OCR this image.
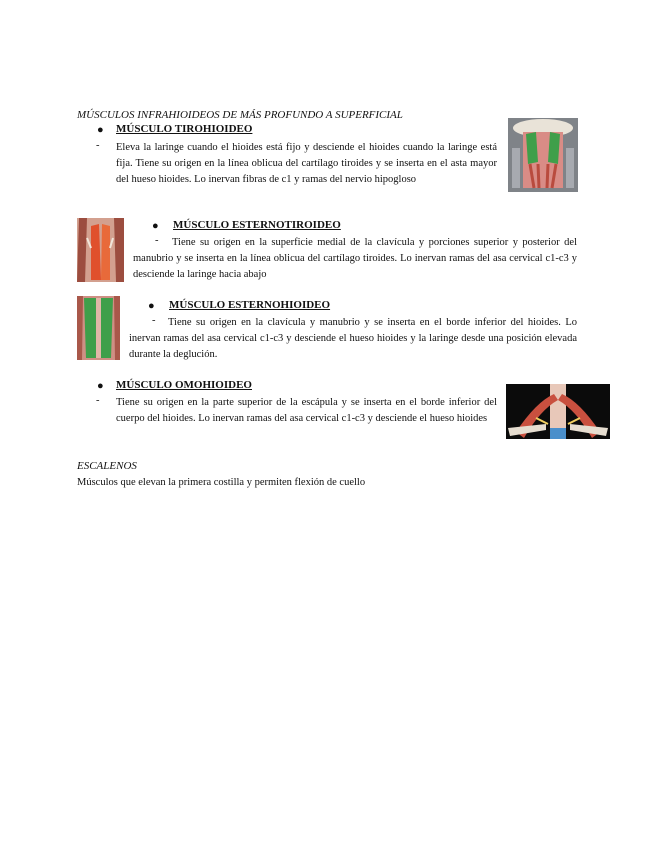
MÚSCULOS INFRAHIOIDEOS DE MÁS PROFUNDO A SUPERFICIAL
● MÚSCULO TIROHIOIDEO
- Eleva la laringe cuando el hioides está fijo y desciende el hioides cuando la laringe está fija. Tiene su origen en la línea oblicua del cartílago tiroides y se inserta en el asta mayor del hueso hioides. Lo inervan fibras de c1 y ramas del nervio hipogloso
● MÚSCULO ESTERNOTIROIDEO
-	Tiene su origen en la superficie medial de la clavícula y porciones superior y posterior del manubrio y se inserta en la línea oblicua del cartílago tiroides. Lo inervan ramas del asa cervical c1-c3 y desciende la laringe hacia abajo
● MÚSCULO ESTERNOHIOIDEO
-	Tiene su origen en la clavícula y manubrio y se inserta en el borde inferior del hioides. Lo inervan ramas del asa cervical c1-c3 y desciende el hueso hioides y la laringe desde una posición elevada durante la deglución.
● MÚSCULO OMOHIOIDEO
- Tiene su origen en la parte superior de la escápula y se inserta en el borde inferior del cuerpo del hioides. Lo inervan ramas del asa cervical c1-c3 y desciende el hueso hioides
ESCALENOS
Músculos que elevan la primera costilla y permiten flexión de cuello
